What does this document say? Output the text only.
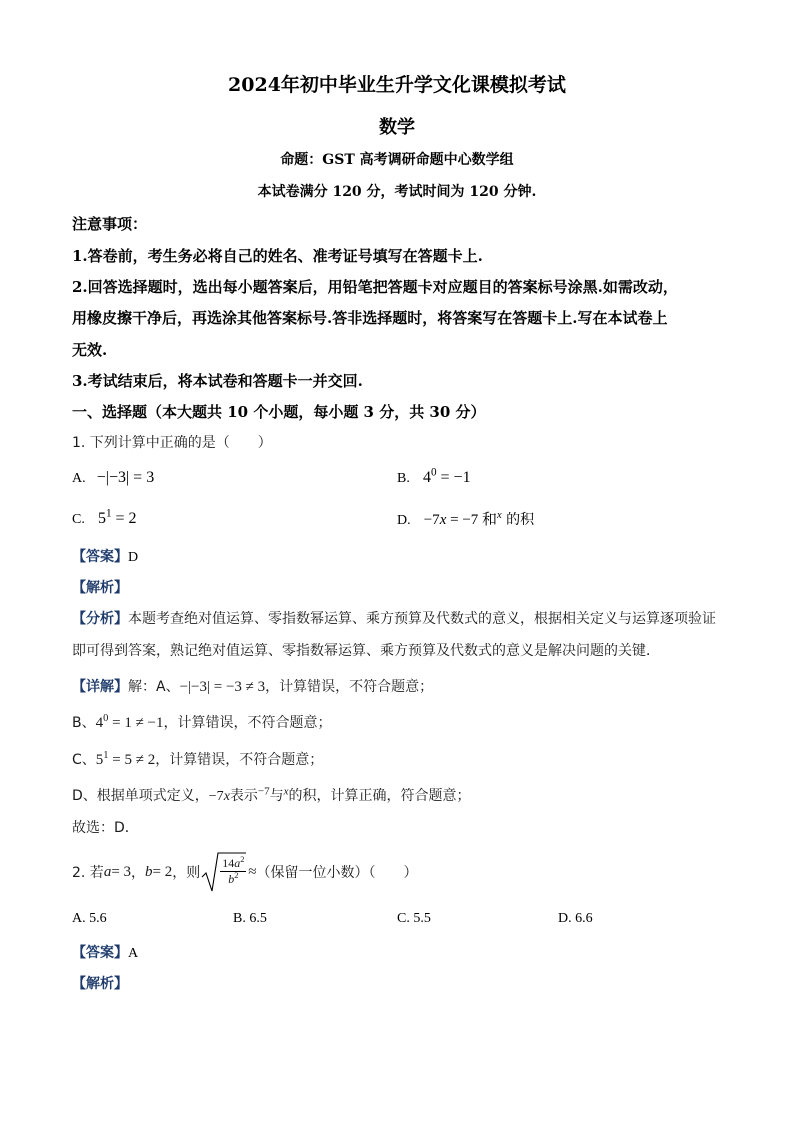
2024年初中毕业生升学文化课模拟考试
数学
命题：GST 高考调研命题中心数学组
本试卷满分 120 分，考试时间为 120 分钟.
注意事项：
1.答卷前，考生务必将自己的姓名、准考证号填写在答题卡上.
2.回答选择题时，选出每小题答案后，用铅笔把答题卡对应题目的答案标号涂黑.如需改动，
用橡皮擦干净后，再选涂其他答案标号.答非选择题时，将答案写在答题卡上.写在本试卷上
无效.
3.考试结束后，将本试卷和答题卡一并交回.
一、选择题（本大题共 10 个小题，每小题 3 分，共 30 分）
1. 下列计算中正确的是（　　）
A. −|−3| = 3	B. $4^0 = -1$
C. $5^1 = 2$	D. −7x = −7 和$^x$ 的积
【答案】D
【解析】
【分析】本题考查绝对值运算、零指数幂运算、乘方预算及代数式的意义，根据相关定义与运算逐项验证
即可得到答案，熟记绝对值运算、零指数幂运算、乘方预算及代数式的意义是解决问题的关键．
【详解】解：A、−|−3| = −3 ≠ 3，计算错误，不符合题意；
B、$4^0 = 1 \ne -1$，计算错误，不符合题意；
C、$5^1 = 5 \ne 2$，计算错误，不符合题意；
D、根据单项式定义，−7x表示$^{-7}$与$^x$的积，计算正确，符合题意；
故选：D．
2. 若 a = 3 ， b = 2 ，则 $\frac{14a^2}{b^2}$ ≈ （保留一位小数）（　　）
A. 5.6	B. 6.5	C. 5.5	D. 6.6
【答案】A
【解析】
